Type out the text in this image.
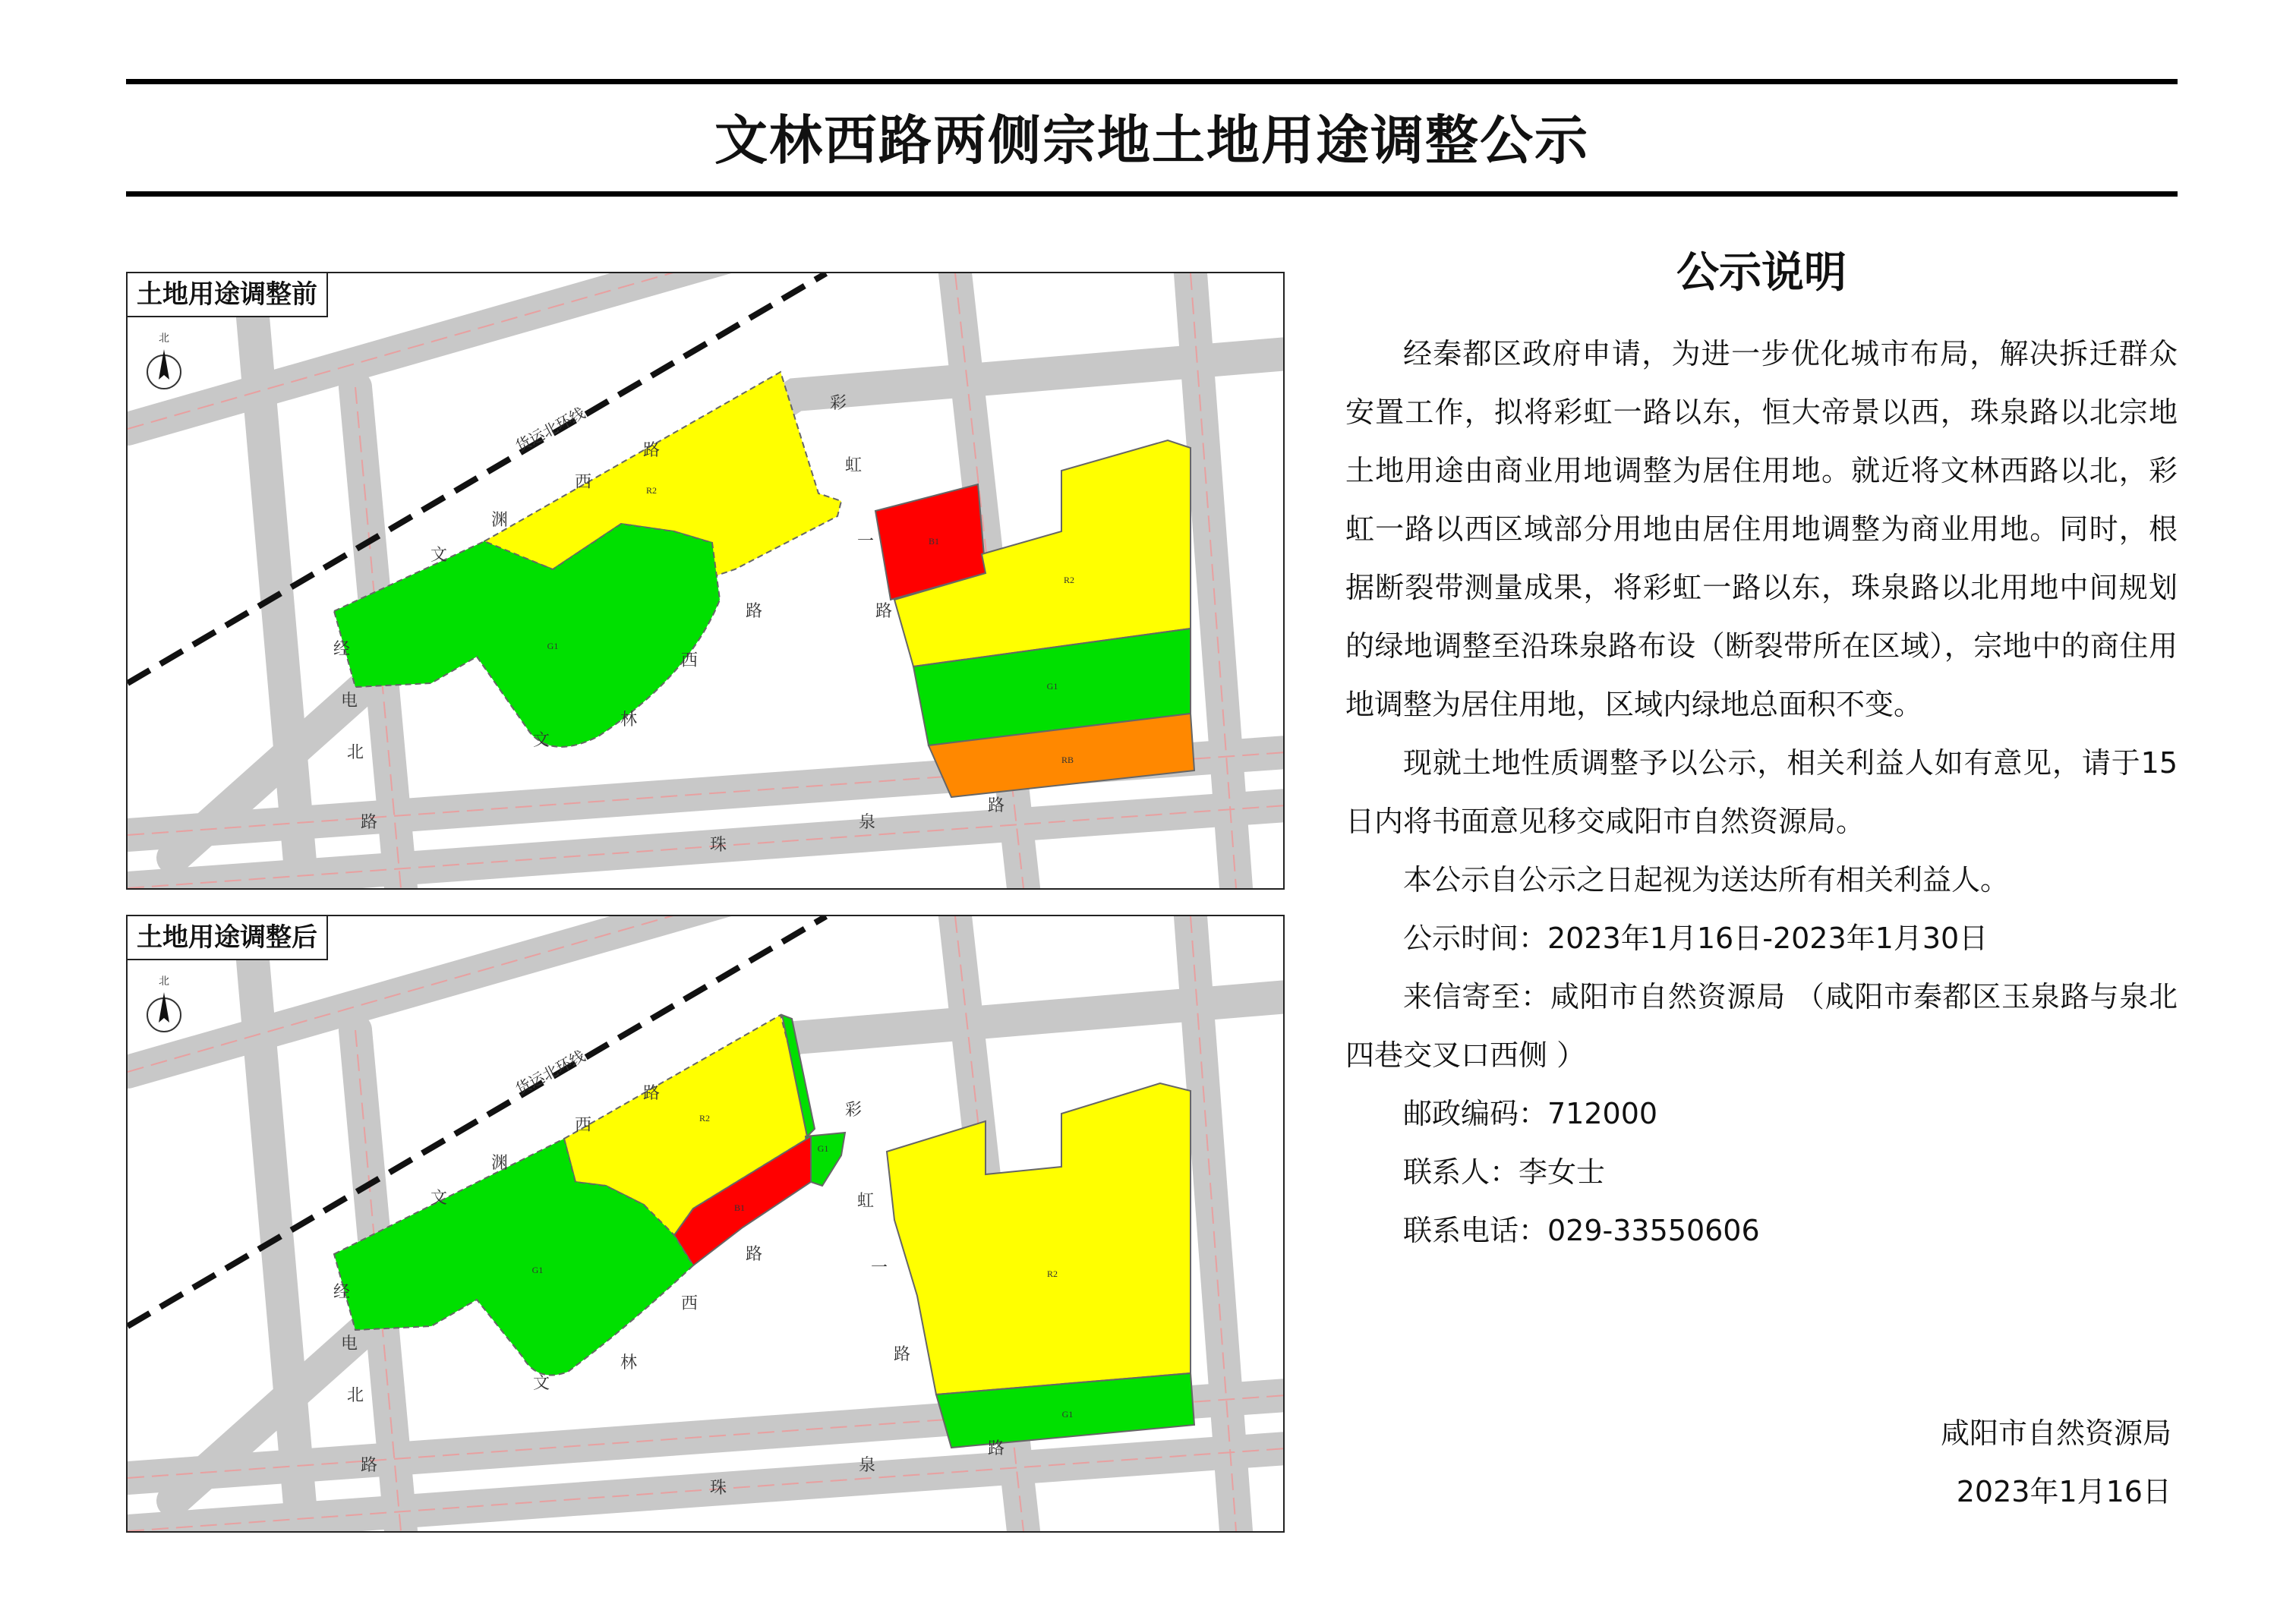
文林西路两侧宗地土地用途调整公示
土地用途调整前
R2
G1
B1
R2
G1
RB
北
货运北环线
文
渊
西
路
文
林
西
路
经
电
北
路
彩
虹
一
路
珠
泉
路
土地用途调整后
R2
G1
G1
B1
R2
G1
北
货运北环线
文
渊
西
路
文
林
西
路
经
电
北
路
彩
虹
一
路
珠
泉
路
公示说明

经秦都区政府申请，为进一步优化城市布局，解决拆迁群众安置工作，拟将彩虹一路以东，恒大帝景以西，珠泉路以北宗地土地用途由商业用地调整为居住用地。就近将文林西路以北，彩虹一路以西区域部分用地由居住用地调整为商业用地。同时，根据断裂带测量成果，将彩虹一路以东，珠泉路以北用地中间规划的绿地调整至沿珠泉路布设（断裂带所在区域），宗地中的商住用地调整为居住用地，区域内绿地总面积不变。

现就土地性质调整予以公示，相关利益人如有意见，请于15日内将书面意见移交咸阳市自然资源局。

本公示自公示之日起视为送达所有相关利益人。

公示时间：2023年1月16日-2023年1月30日

来信寄至：咸阳市自然资源局 （咸阳市秦都区玉泉路与泉北四巷交叉口西侧 ）

邮政编码：712000

联系人：李女士

联系电话：029-33550606

咸阳市自然资源局
2023年1月16日
